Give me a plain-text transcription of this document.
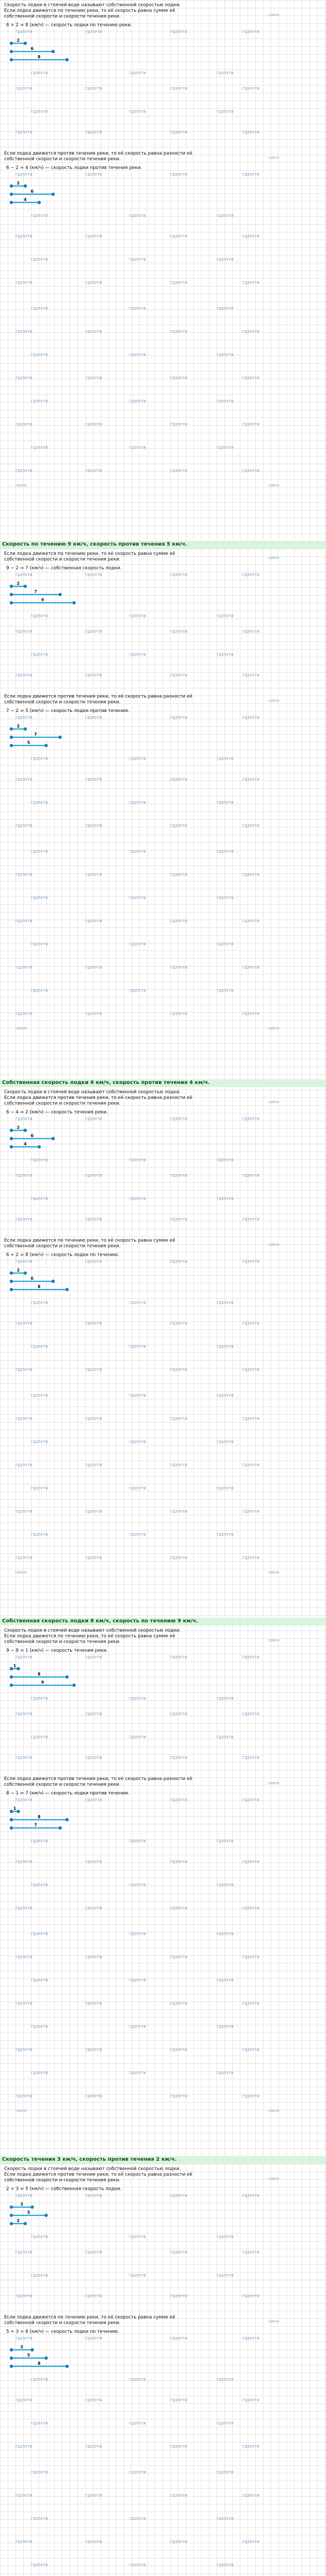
Скорость лодки в стоячей воде называют собственной скоростью лодки.
Если лодка движется по течению реки, то её скорость равна сумме её
собственной скорости и скорости течения реки.	ГДЗПУТИ
6 + 2 = 8 (км/ч) — скорость лодки по течению реки.
ГДЗПУТИ	ГДЗПУТИ	ГДЗПУТИ	ГДЗПУТИ
2
6
8
ГДЗПУТИ	ГДЗПУТИ	ГДЗПУТИ
ГДЗПУТИ	ГДЗПУТИ	ГДЗПУТИ	ГДЗПУТИ
ГДЗПУТИ	ГДЗПУТИ	ГДЗПУТИ
ГДЗПУТИ	ГДЗПУТИ	ГДЗПУТИ	ГДЗПУТИ
Если лодка движется против течения реки, то её скорость равна разности её
собственной скорости и скорости течения реки.	ГДЗПУТИ
6 − 2 = 4 (км/ч) — скорость лодки против течения реки.
ГДЗПУТИ	ГДЗПУТИ	ГДЗПУТИ	ГДЗПУТИ
2
6
4
ГДЗПУТИ	ГДЗПУТИ	ГДЗПУТИ
ГДЗПУТИ	ГДЗПУТИ	ГДЗПУТИ	ГДЗПУТИ
ГДЗПУТИ	ГДЗПУТИ	ГДЗПУТИ
ГДЗПУТИ	ГДЗПУТИ	ГДЗПУТИ	ГДЗПУТИ
ГДЗПУТИ	ГДЗПУТИ	ГДЗПУТИ
ГДЗПУТИ	ГДЗПУТИ	ГДЗПУТИ	ГДЗПУТИ
ГДЗПУТИ	ГДЗПУТИ	ГДЗПУТИ
ГДЗПУТИ	ГДЗПУТИ	ГДЗПУТИ	ГДЗПУТИ
ГДЗПУТИ	ГДЗПУТИ	ГДЗПУТИ
ГДЗПУТИ	ГДЗПУТИ	ГДЗПУТИ	ГДЗПУТИ
ГДЗПУТИ	ГДЗПУТИ	ГДЗПУТИ
ГДЗПУТИ	ГДЗПУТИ	ГДЗПУТИ	ГДЗПУТИ
ГДЗПУТИ	ГДЗПУТИ
Скорость по течению 9 км/ч, скорость против течения 5 км/ч.
Если лодка движется по течению реки, то её скорость равна сумме её
собственной скорости и скорости течения реки.	ГДЗПУТИ
9 − 2 = 7 (км/ч) — собственная скорость лодки.
ГДЗПУТИ	ГДЗПУТИ	ГДЗПУТИ	ГДЗПУТИ
2
7
9
ГДЗПУТИ	ГДЗПУТИ	ГДЗПУТИ
ГДЗПУТИ	ГДЗПУТИ	ГДЗПУТИ	ГДЗПУТИ
ГДЗПУТИ	ГДЗПУТИ	ГДЗПУТИ
ГДЗПУТИ	ГДЗПУТИ	ГДЗПУТИ	ГДЗПУТИ
Если лодка движется против течения реки, то её скорость равна разности её
собственной скорости и скорости течения реки.	ГДЗПУТИ
7 − 2 = 5 (км/ч) — скорость лодки против течения.
ГДЗПУТИ	ГДЗПУТИ	ГДЗПУТИ	ГДЗПУТИ
2
7
5
ГДЗПУТИ	ГДЗПУТИ	ГДЗПУТИ
ГДЗПУТИ	ГДЗПУТИ	ГДЗПУТИ	ГДЗПУТИ
ГДЗПУТИ	ГДЗПУТИ	ГДЗПУТИ
ГДЗПУТИ	ГДЗПУТИ	ГДЗПУТИ	ГДЗПУТИ
ГДЗПУТИ	ГДЗПУТИ	ГДЗПУТИ
ГДЗПУТИ	ГДЗПУТИ	ГДЗПУТИ	ГДЗПУТИ
ГДЗПУТИ	ГДЗПУТИ	ГДЗПУТИ
ГДЗПУТИ	ГДЗПУТИ	ГДЗПУТИ	ГДЗПУТИ
ГДЗПУТИ	ГДЗПУТИ	ГДЗПУТИ
ГДЗПУТИ	ГДЗПУТИ	ГДЗПУТИ	ГДЗПУТИ
ГДЗПУТИ	ГДЗПУТИ	ГДЗПУТИ
ГДЗПУТИ	ГДЗПУТИ	ГДЗПУТИ	ГДЗПУТИ
ГДЗПУТИ	ГДЗПУТИ
Собственная скорость лодки 6 км/ч, скорость против течения 4 км/ч.
Скорость лодки в стоячей воде называют собственной скоростью лодки.
Если лодка движется против течения реки, то её скорость равна разности её
собственной скорости и скорости течения реки.	ГДЗПУТИ
6 − 4 = 2 (км/ч) — скорость течения реки.
ГДЗПУТИ	ГДЗПУТИ	ГДЗПУТИ	ГДЗПУТИ
2
6
4
ГДЗПУТИ	ГДЗПУТИ	ГДЗПУТИ
ГДЗПУТИ	ГДЗПУТИ	ГДЗПУТИ	ГДЗПУТИ
ГДЗПУТИ	ГДЗПУТИ	ГДЗПУТИ
ГДЗПУТИ	ГДЗПУТИ	ГДЗПУТИ	ГДЗПУТИ
Если лодка движется по течению реки, то её скорость равна сумме её
собственной скорости и скорости течения реки.	ГДЗПУТИ
6 + 2 = 8 (км/ч) — скорость лодки по течению.
ГДЗПУТИ	ГДЗПУТИ	ГДЗПУТИ	ГДЗПУТИ
2
6
8
ГДЗПУТИ	ГДЗПУТИ	ГДЗПУТИ
ГДЗПУТИ	ГДЗПУТИ	ГДЗПУТИ	ГДЗПУТИ
ГДЗПУТИ	ГДЗПУТИ	ГДЗПУТИ
ГДЗПУТИ	ГДЗПУТИ	ГДЗПУТИ	ГДЗПУТИ
ГДЗПУТИ	ГДЗПУТИ	ГДЗПУТИ
ГДЗПУТИ	ГДЗПУТИ	ГДЗПУТИ	ГДЗПУТИ
ГДЗПУТИ	ГДЗПУТИ	ГДЗПУТИ
ГДЗПУТИ	ГДЗПУТИ	ГДЗПУТИ	ГДЗПУТИ
ГДЗПУТИ	ГДЗПУТИ	ГДЗПУТИ
ГДЗПУТИ	ГДЗПУТИ	ГДЗПУТИ	ГДЗПУТИ
ГДЗПУТИ	ГДЗПУТИ	ГДЗПУТИ
ГДЗПУТИ	ГДЗПУТИ	ГДЗПУТИ	ГДЗПУТИ
ГДЗПУТИ	ГДЗПУТИ
Собственная скорость лодки 8 км/ч, скорость по течению 9 км/ч.
Скорость лодки в стоячей воде называют собственной скоростью лодки.
Если лодка движется по течению реки, то её скорость равна сумме её
собственной скорости и скорости течения реки.	ГДЗПУТИ
9 − 8 = 1 (км/ч) — скорость течения реки.
ГДЗПУТИ	ГДЗПУТИ	ГДЗПУТИ	ГДЗПУТИ
1
8
9
ГДЗПУТИ	ГДЗПУТИ	ГДЗПУТИ
ГДЗПУТИ	ГДЗПУТИ	ГДЗПУТИ	ГДЗПУТИ
ГДЗПУТИ	ГДЗПУТИ	ГДЗПУТИ
ГДЗПУТИ	ГДЗПУТИ	ГДЗПУТИ	ГДЗПУТИ
Если лодка движется против течения реки, то её скорость равна разности её
собственной скорости и скорости течения реки.	ГДЗПУТИ
8 − 1 = 7 (км/ч) — скорость лодки против течения.
ГДЗПУТИ	ГДЗПУТИ	ГДЗПУТИ	ГДЗПУТИ
1
8
7
ГДЗПУТИ	ГДЗПУТИ	ГДЗПУТИ
ГДЗПУТИ	ГДЗПУТИ	ГДЗПУТИ	ГДЗПУТИ
ГДЗПУТИ	ГДЗПУТИ	ГДЗПУТИ
ГДЗПУТИ	ГДЗПУТИ	ГДЗПУТИ	ГДЗПУТИ
ГДЗПУТИ	ГДЗПУТИ	ГДЗПУТИ
ГДЗПУТИ	ГДЗПУТИ	ГДЗПУТИ	ГДЗПУТИ
ГДЗПУТИ	ГДЗПУТИ	ГДЗПУТИ
ГДЗПУТИ	ГДЗПУТИ	ГДЗПУТИ	ГДЗПУТИ
ГДЗПУТИ	ГДЗПУТИ	ГДЗПУТИ
ГДЗПУТИ	ГДЗПУТИ	ГДЗПУТИ	ГДЗПУТИ
ГДЗПУТИ	ГДЗПУТИ	ГДЗПУТИ
ГДЗПУТИ	ГДЗПУТИ	ГДЗПУТИ	ГДЗПУТИ
ГДЗПУТИ	ГДЗПУТИ
Скорость течения 3 км/ч, скорость против течения 2 км/ч.
Скорость лодки в стоячей воде называют собственной скоростью лодки.
Если лодка движется против течения реки, то её скорость равна разности её
собственной скорости и скорости течения реки.	ГДЗПУТИ
2 + 3 = 5 (км/ч) — собственная скорость лодки.
ГДЗПУТИ	ГДЗПУТИ	ГДЗПУТИ	ГДЗПУТИ
3
5
2
ГДЗПУТИ	ГДЗПУТИ	ГДЗПУТИ
ГДЗПУТИ	ГДЗПУТИ	ГДЗПУТИ	ГДЗПУТИ
ГДЗПУТИ	ГДЗПУТИ	ГДЗПУТИ
ГДЗПУТИ	ГДЗПУТИ	ГДЗПУТИ	ГДЗПУТИ
Если лодка движется по течению реки, то её скорость равна сумме её
собственной скорости и скорости течения реки.	ГДЗПУТИ
5 + 3 = 8 (км/ч) — скорость лодки по течению.
ГДЗПУТИ	ГДЗПУТИ	ГДЗПУТИ	ГДЗПУТИ
3
5
8
ГДЗПУТИ	ГДЗПУТИ	ГДЗПУТИ
ГДЗПУТИ	ГДЗПУТИ	ГДЗПУТИ	ГДЗПУТИ
ГДЗПУТИ	ГДЗПУТИ	ГДЗПУТИ
ГДЗПУТИ	ГДЗПУТИ	ГДЗПУТИ	ГДЗПУТИ
ГДЗПУТИ	ГДЗПУТИ	ГДЗПУТИ
ГДЗПУТИ	ГДЗПУТИ	ГДЗПУТИ	ГДЗПУТИ
ГДЗПУТИ	ГДЗПУТИ	ГДЗПУТИ
ГДЗПУТИ	ГДЗПУТИ	ГДЗПУТИ	ГДЗПУТИ
ГДЗПУТИ	ГДЗПУТИ	ГДЗПУТИ
